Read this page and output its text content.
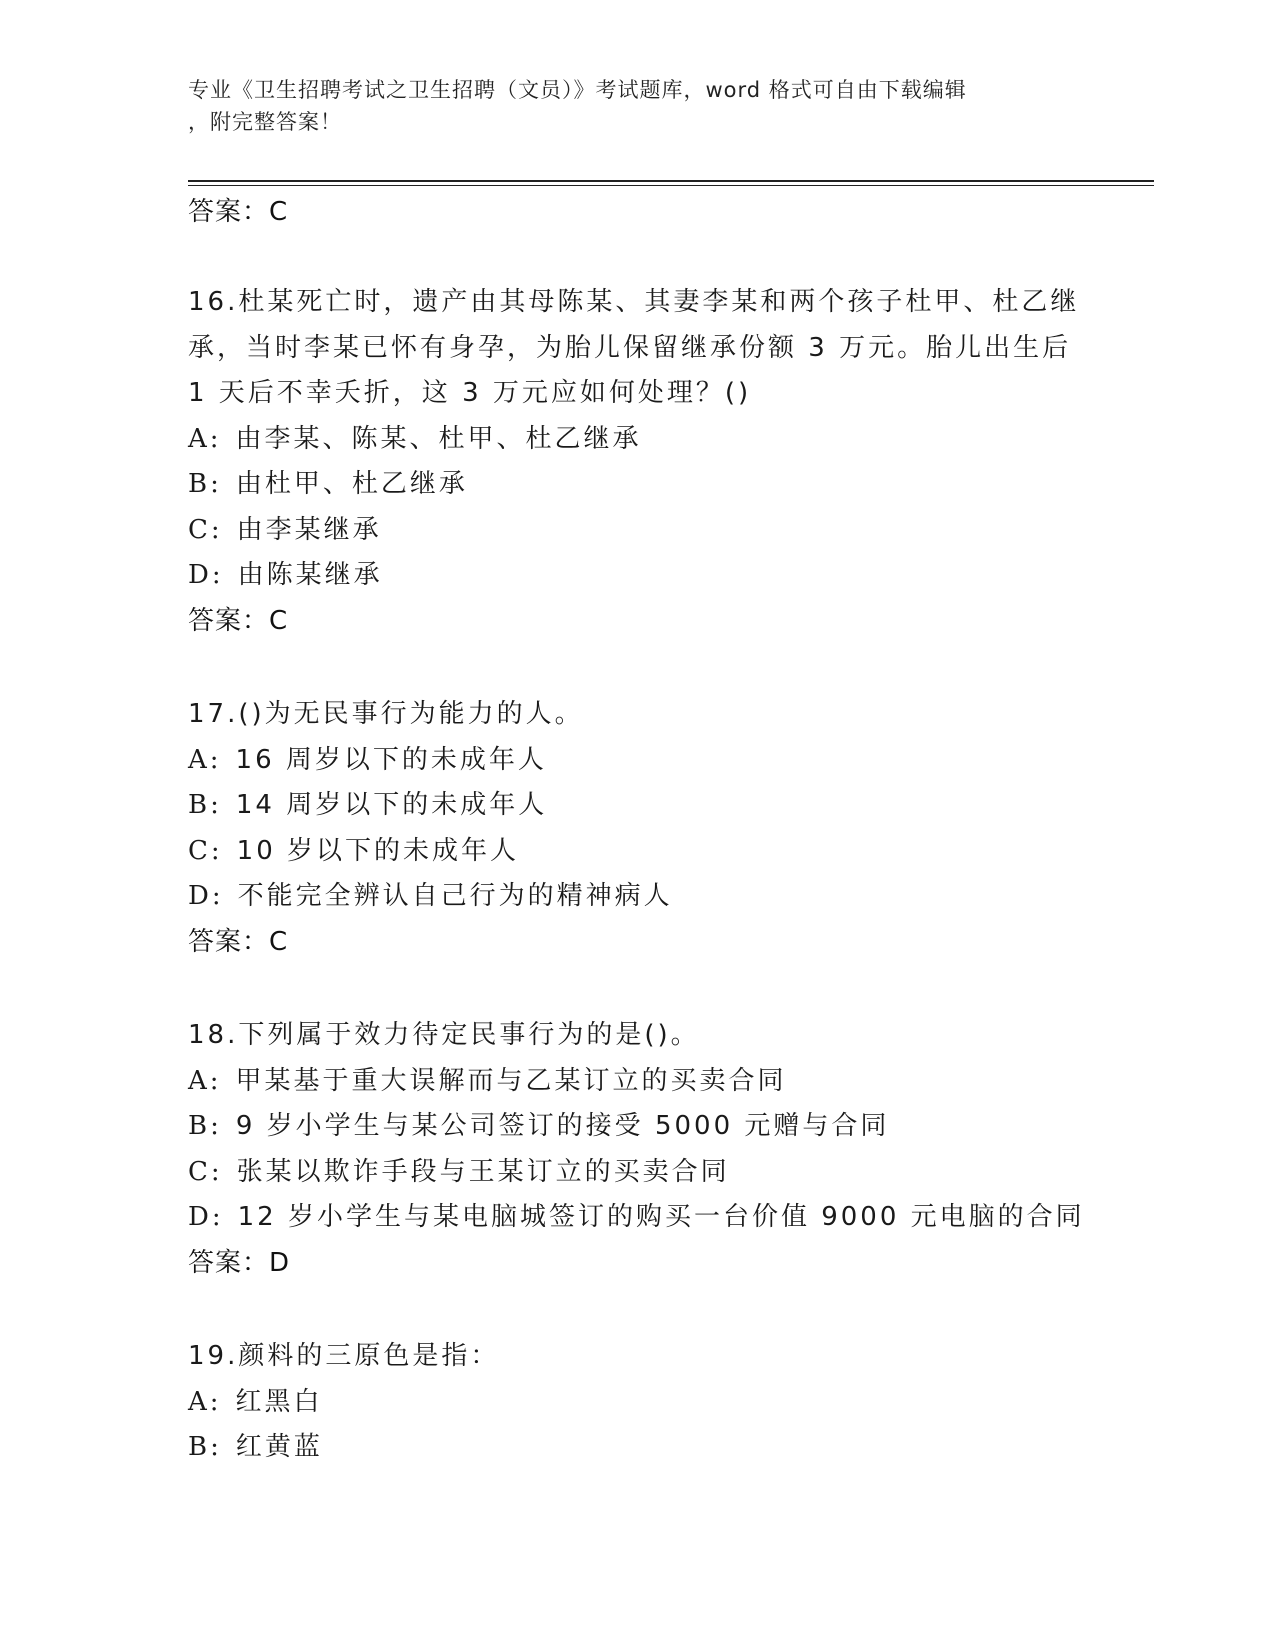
专业《卫生招聘考试之卫生招聘（文员）》考试题库，word 格式可自由下载编辑
，附完整答案！
答案：C
16.杜某死亡时，遗产由其母陈某、其妻李某和两个孩子杜甲、杜乙继
承，当时李某已怀有身孕，为胎儿保留继承份额 3 万元。胎儿出生后
1 天后不幸夭折，这 3 万元应如何处理？()
A: 由李某、陈某、杜甲、杜乙继承
B: 由杜甲、杜乙继承
C: 由李某继承
D: 由陈某继承
答案：C
17.()为无民事行为能力的人。
A: 16 周岁以下的未成年人
B: 14 周岁以下的未成年人
C: 10 岁以下的未成年人
D: 不能完全辨认自己行为的精神病人
答案：C
18.下列属于效力待定民事行为的是()。
A: 甲某基于重大误解而与乙某订立的买卖合同
B: 9 岁小学生与某公司签订的接受 5000 元赠与合同
C: 张某以欺诈手段与王某订立的买卖合同
D: 12 岁小学生与某电脑城签订的购买一台价值 9000 元电脑的合同
答案：D
19.颜料的三原色是指：
A: 红黑白
B: 红黄蓝
